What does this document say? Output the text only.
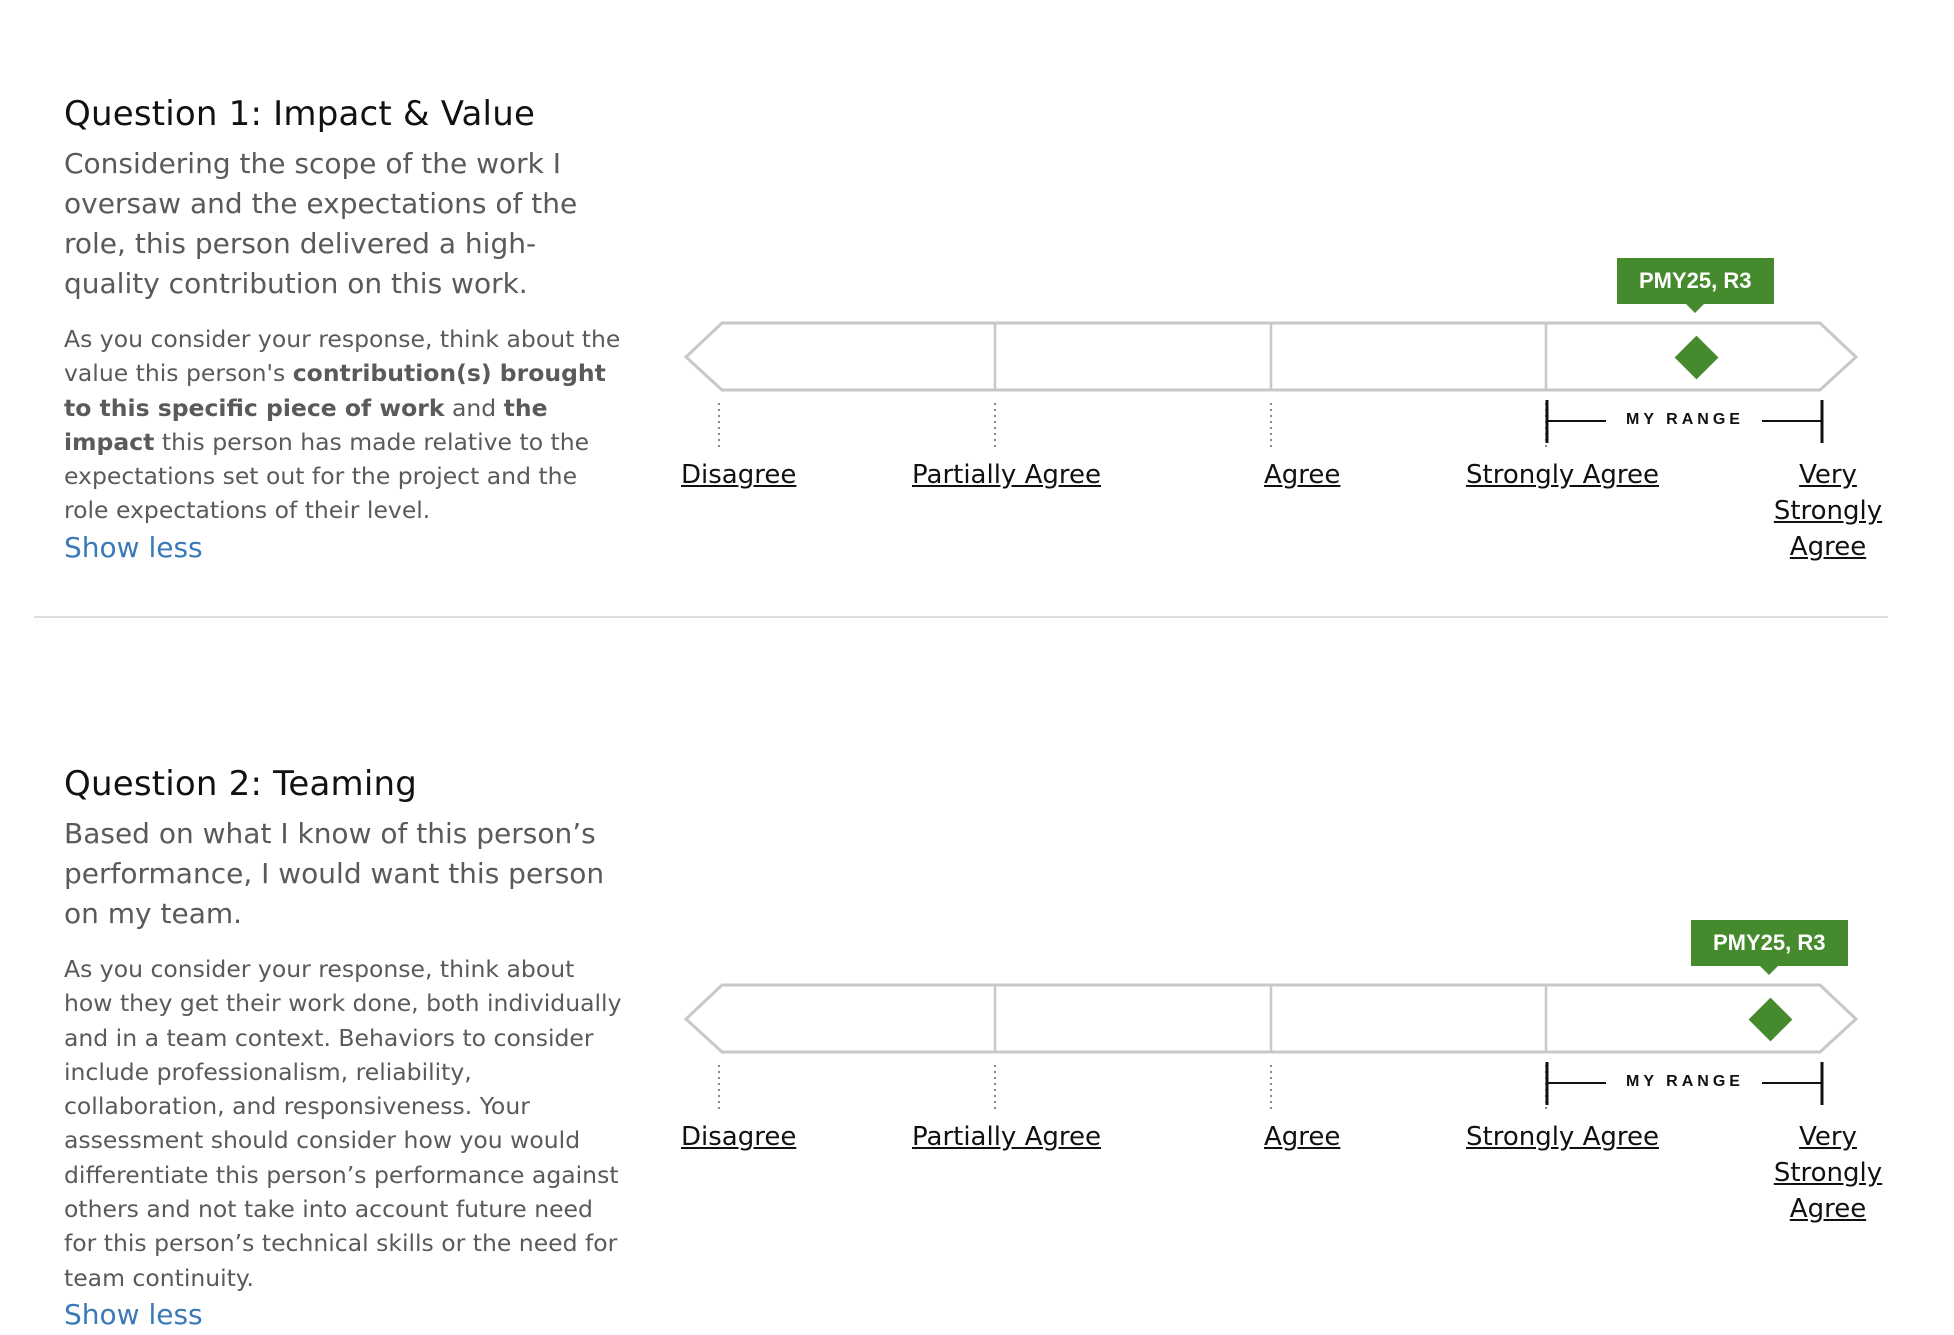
Question 1: Impact & Value

Considering the scope of the work I oversaw and the expectations of the role, this person delivered a high-quality contribution on this work.

As you consider your response, think about the value this person's contribution(s) brought to this specific piece of work and the impact this person has made relative to the expectations set out for the project and the role expectations of their level.

Show less
PMY25, R3
MY RANGE
Disagree	Partially Agree	Agree	Strongly Agree	Very Strongly Agree
Question 2: Teaming

Based on what I know of this person’s performance, I would want this person on my team.

As you consider your response, think about how they get their work done, both individually and in a team context. Behaviors to consider include professionalism, reliability, collaboration, and responsiveness. Your assessment should consider how you would differentiate this person’s performance against others and not take into account future need for this person’s technical skills or the need for team continuity.

Show less
PMY25, R3
MY RANGE
Disagree	Partially Agree	Agree	Strongly Agree	Very Strongly Agree
